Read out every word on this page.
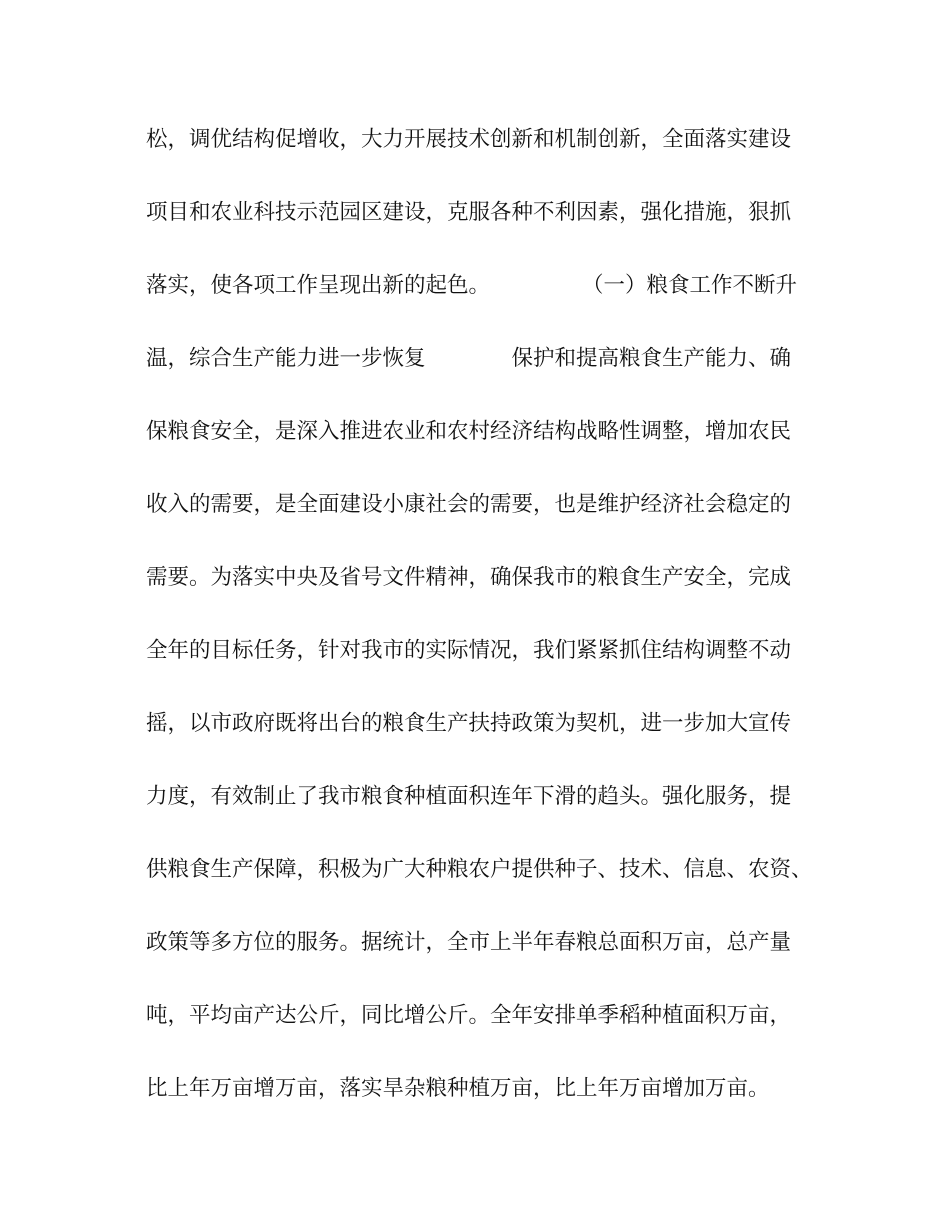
松，调优结构促增收，大力开展技术创新和机制创新，全面落实建设
项目和农业科技示范园区建设，克服各种不利因素，强化措施，狠抓
落实，使各项工作呈现出新的起色。	（一）粮食工作不断升
温，综合生产能力进一步恢复	保护和提高粮食生产能力、确
保粮食安全，是深入推进农业和农村经济结构战略性调整，增加农民
收入的需要，是全面建设小康社会的需要，也是维护经济社会稳定的
需要。为落实中央及省号文件精神，确保我市的粮食生产安全，完成
全年的目标任务，针对我市的实际情况，我们紧紧抓住结构调整不动
摇，以市政府既将出台的粮食生产扶持政策为契机，进一步加大宣传
力度，有效制止了我市粮食种植面积连年下滑的趋头。强化服务，提
供粮食生产保障，积极为广大种粮农户提供种子、技术、信息、农资、
政策等多方位的服务。据统计，全市上半年春粮总面积万亩，总产量
吨，平均亩产达公斤，同比增公斤。全年安排单季稻种植面积万亩，
比上年万亩增万亩，落实旱杂粮种植万亩，比上年万亩增加万亩。
